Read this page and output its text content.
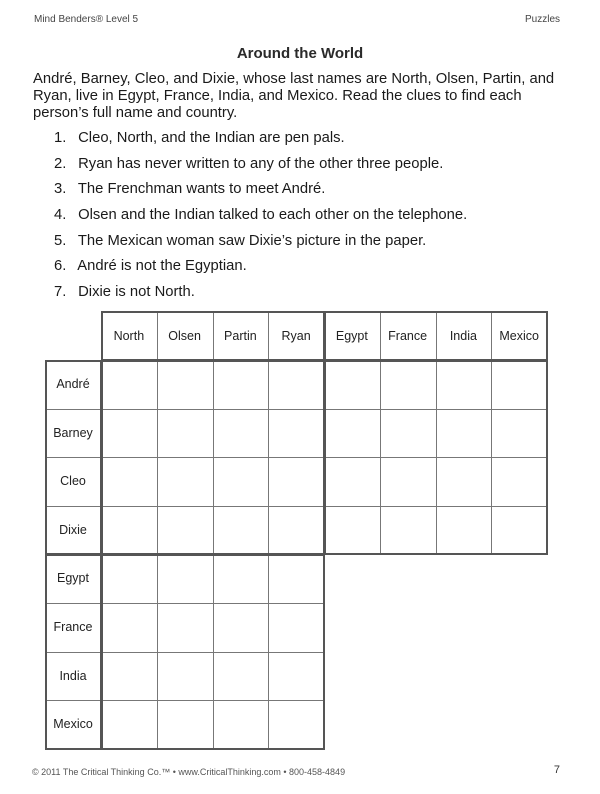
Mind Benders® Level 5	Puzzles
Around the World
André, Barney, Cleo, and Dixie, whose last names are North, Olsen, Partin, and Ryan, live in Egypt, France, India, and Mexico. Read the clues to find each person’s full name and country.
1. Cleo, North, and the Indian are pen pals.
2. Ryan has never written to any of the other three people.
3. The Frenchman wants to meet André.
4. Olsen and the Indian talked to each other on the telephone.
5. The Mexican woman saw Dixie’s picture in the paper.
6. André is not the Egyptian.
7. Dixie is not North.
North	Olsen	Partin	Ryan	Egypt	France	India	Mexico
André
Barney
Cleo
Dixie
Egypt
France
India
Mexico
© 2011 The Critical Thinking Co.™ • www.CriticalThinking.com • 800-458-4849	7
